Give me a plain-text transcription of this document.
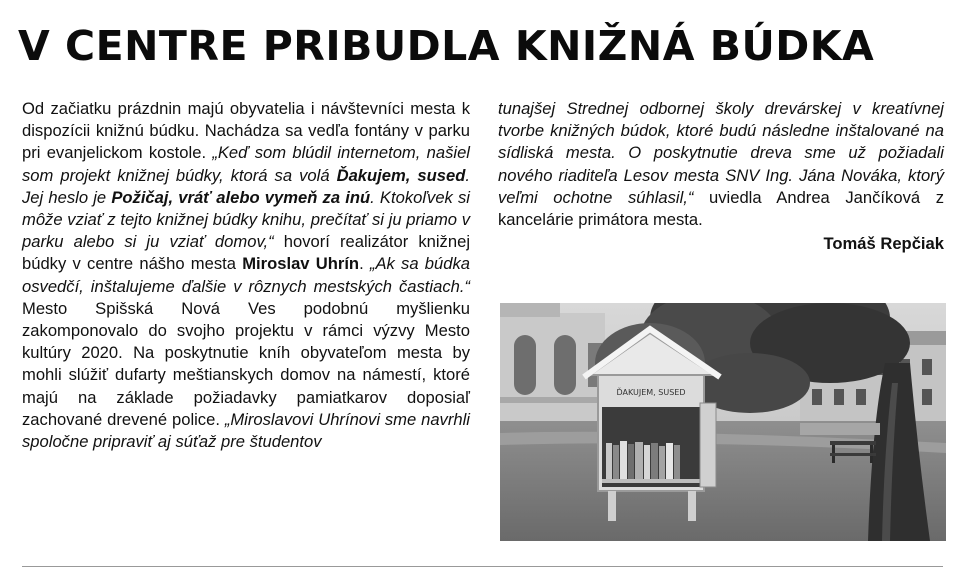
V CENTRE PRIBUDLA KNIŽNÁ BÚDKA

Od začiatku prázdnin majú obyvatelia i návštevníci mesta k dispozícii knižnú búdku. Nachádza sa vedľa fontány v parku pri evanjelickom kostole. „Keď som blúdil internetom, našiel som projekt knižnej búdky, ktorá sa volá Ďakujem, sused. Jej heslo je Požičaj, vráť alebo vymeň za inú. Ktokoľvek si môže vziať z tejto knižnej búdky knihu, prečítať si ju priamo v parku alebo si ju vziať domov,“ hovorí realizátor knižnej búdky v centre nášho mesta Miroslav Uhrín. „Ak sa búdka osvedčí, inštalujeme ďalšie v rôznych mestských častiach.“ Mesto Spišská Nová Ves podobnú myšlienku zakomponovalo do svojho projektu v rámci výzvy Mesto kultúry 2020. Na poskytnutie kníh obyvateľom mesta by mohli slúžiť dufarty meštianskych domov na námestí, ktoré majú na základe požiadavky pamiatkarov doposiaľ zachované drevené police. „Miroslavovi Uhrínovi sme navrhli spoločne pripraviť aj súťaž pre študentov

tunajšej Strednej odbornej školy drevárskej v kreatívnej tvorbe knižných búdok, ktoré budú následne inštalované na sídliská mesta. O poskytnutie dreva sme už požiadali nového riaditeľa Lesov mesta SNV Ing. Jána Nováka, ktorý veľmi ochotne súhlasil,“ uviedla Andrea Jančíková z kancelárie primátora mesta.

Tomáš Repčiak
ĎAKUJEM, SUSED
